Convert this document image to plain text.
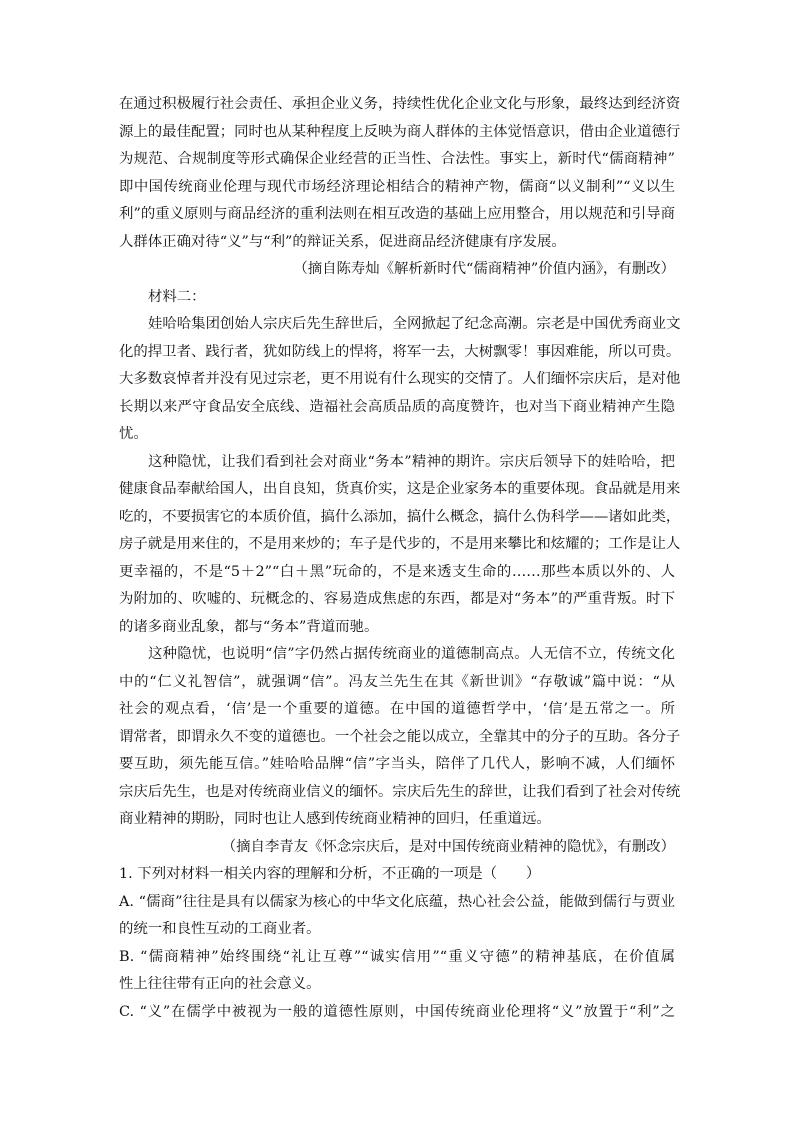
在通过积极履行社会责任、承担企业义务，持续性优化企业文化与形象，最终达到经济资
源上的最佳配置；同时也从某种程度上反映为商人群体的主体觉悟意识，借由企业道德行
为规范、合规制度等形式确保企业经营的正当性、合法性。事实上，新时代“儒商精神”
即中国传统商业伦理与现代市场经济理论相结合的精神产物，儒商“以义制利”“义以生
利”的重义原则与商品经济的重利法则在相互改造的基础上应用整合，用以规范和引导商
人群体正确对待“义”与“利”的辩证关系，促进商品经济健康有序发展。
（摘自陈寿灿《解析新时代“儒商精神”价值内涵》，有删改）
材料二：
娃哈哈集团创始人宗庆后先生辞世后，全网掀起了纪念高潮。宗老是中国优秀商业文
化的捍卫者、践行者，犹如防线上的悍将，将军一去，大树飘零！事因难能，所以可贵。
大多数哀悼者并没有见过宗老，更不用说有什么现实的交情了。人们缅怀宗庆后，是对他
长期以来严守食品安全底线、造福社会高质品质的高度赞许，也对当下商业精神产生隐
忧。
这种隐忧，让我们看到社会对商业“务本”精神的期许。宗庆后领导下的娃哈哈，把
健康食品奉献给国人，出自良知，货真价实，这是企业家务本的重要体现。食品就是用来
吃的，不要损害它的本质价值，搞什么添加，搞什么概念，搞什么伪科学——诸如此类，
房子就是用来住的，不是用来炒的；车子是代步的，不是用来攀比和炫耀的；工作是让人
更幸福的，不是“5＋2”“白＋黑”玩命的，不是来透支生命的……那些本质以外的、人
为附加的、吹嘘的、玩概念的、容易造成焦虑的东西，都是对“务本”的严重背叛。时下
的诸多商业乱象，都与“务本”背道而驰。
这种隐忧，也说明“信”字仍然占据传统商业的道德制高点。人无信不立，传统文化
中的“仁义礼智信”，就强调“信”。冯友兰先生在其《新世训》“存敬诚”篇中说：“从
社会的观点看，‘信’是一个重要的道德。在中国的道德哲学中，‘信’是五常之一。所
谓常者，即谓永久不变的道德也。一个社会之能以成立，全靠其中的分子的互助。各分子
要互助，须先能互信。”娃哈哈品牌“信”字当头，陪伴了几代人，影响不减，人们缅怀
宗庆后先生，也是对传统商业信义的缅怀。宗庆后先生的辞世，让我们看到了社会对传统
商业精神的期盼，同时也让人感到传统商业精神的回归，任重道远。
（摘自李青友《怀念宗庆后，是对中国传统商业精神的隐忧》，有删改）
1. 下列对材料一相关内容的理解和分析，不正确的一项是（　　）
A. “儒商”往往是具有以儒家为核心的中华文化底蕴，热心社会公益，能做到儒行与贾业
的统一和良性互动的工商业者。
B. “儒商精神”始终围绕“礼让互尊”“诚实信用”“重义守德”的精神基底，在价值属
性上往往带有正向的社会意义。
C. “义”在儒学中被视为一般的道德性原则，中国传统商业伦理将“义”放置于“利”之
